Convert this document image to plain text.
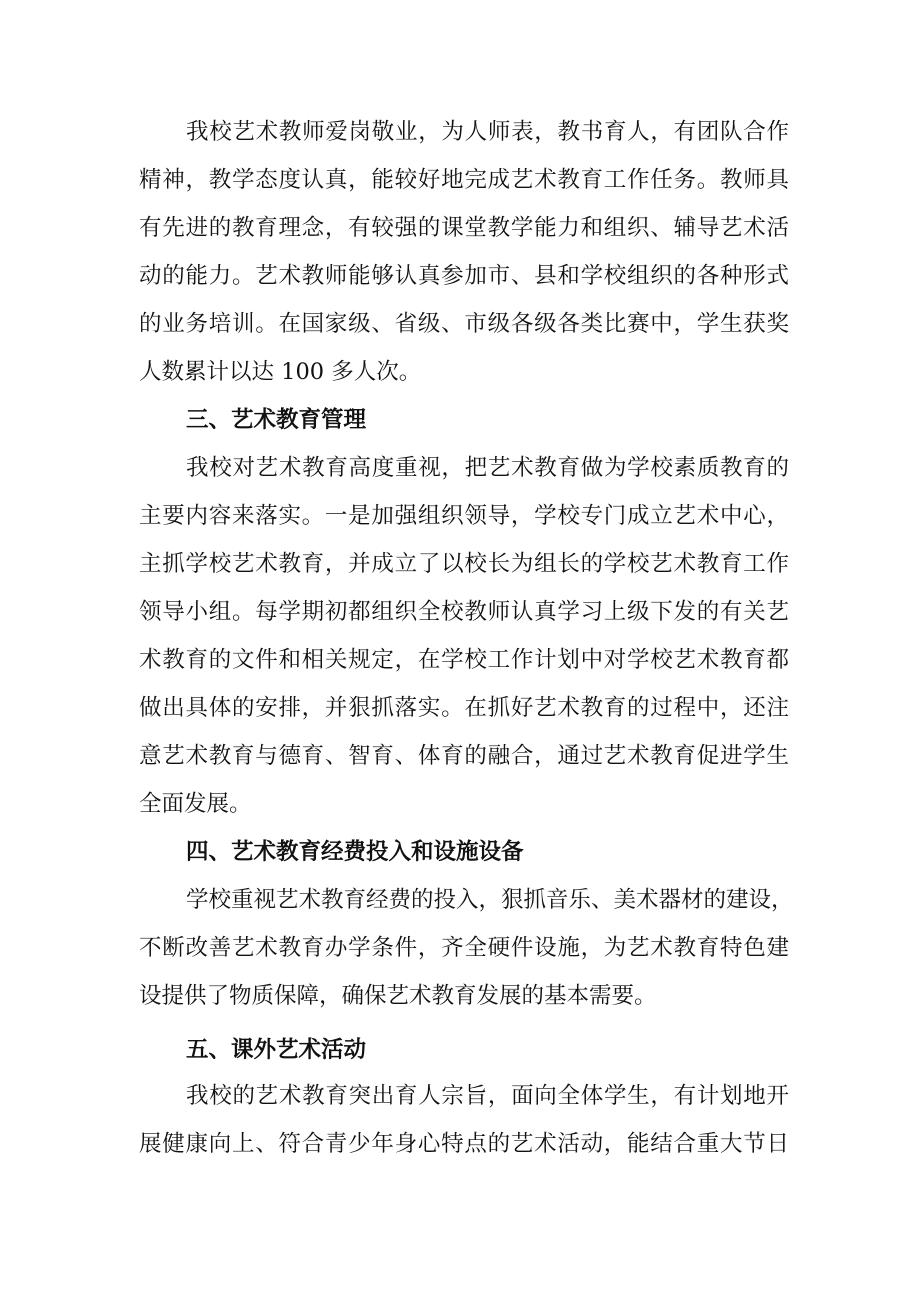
我校艺术教师爱岗敬业，为人师表，教书育人，有团队合作
精神，教学态度认真，能较好地完成艺术教育工作任务。教师具
有先进的教育理念，有较强的课堂教学能力和组织、辅导艺术活
动的能力。艺术教师能够认真参加市、县和学校组织的各种形式
的业务培训。在国家级、省级、市级各级各类比赛中，学生获奖
人数累计以达 100 多人次。
三、艺术教育管理
我校对艺术教育高度重视，把艺术教育做为学校素质教育的
主要内容来落实。一是加强组织领导，学校专门成立艺术中心，
主抓学校艺术教育，并成立了以校长为组长的学校艺术教育工作
领导小组。每学期初都组织全校教师认真学习上级下发的有关艺
术教育的文件和相关规定，在学校工作计划中对学校艺术教育都
做出具体的安排，并狠抓落实。在抓好艺术教育的过程中，还注
意艺术教育与德育、智育、体育的融合，通过艺术教育促进学生
全面发展。
四、艺术教育经费投入和设施设备
学校重视艺术教育经费的投入，狠抓音乐、美术器材的建设，
不断改善艺术教育办学条件，齐全硬件设施，为艺术教育特色建
设提供了物质保障，确保艺术教育发展的基本需要。
五、课外艺术活动
我校的艺术教育突出育人宗旨，面向全体学生，有计划地开
展健康向上、符合青少年身心特点的艺术活动，能结合重大节日
